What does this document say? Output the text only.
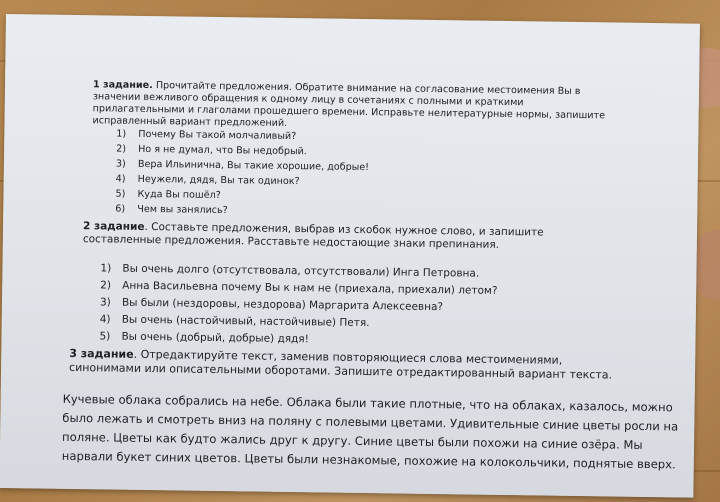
1 задание. Прочитайте предложения. Обратите внимание на согласование местоимения Вы в значении вежливого обращения к одному лицу в сочетаниях с полными и краткими прилагательными и глаголами прошедшего времени. Исправьте нелитературные нормы, запишите исправленный вариант предложений.
1) Почему Вы такой молчаливый?
2) Но я не думал, что Вы недобрый.
3) Вера Ильинична, Вы такие хорошие, добрые!
4) Неужели, дядя, Вы так одинок?
5) Куда Вы пошёл?
6) Чем вы занялись?
2 задание. Составьте предложения, выбрав из скобок нужное слово, и запишите составленные предложения. Расставьте недостающие знаки препинания.
1) Вы очень долго (отсутствовала, отсутствовали) Инга Петровна.
2) Анна Васильевна почему Вы к нам не (приехала, приехали) летом?
3) Вы были (нездоровы, нездорова) Маргарита Алексеевна?
4) Вы очень (настойчивый, настойчивые) Петя.
5) Вы очень (добрый, добрые) дядя!
3 задание. Отредактируйте текст, заменив повторяющиеся слова местоимениями, синонимами или описательными оборотами. Запишите отредактированный вариант текста.
Кучевые облака собрались на небе. Облака были такие плотные, что на облаках, казалось, можно было лежать и смотреть вниз на поляну с полевыми цветами. Удивительные синие цветы росли на поляне. Цветы как будто жались друг к другу. Синие цветы были похожи на синие озёра. Мы нарвали букет синих цветов. Цветы были незнакомые, похожие на колокольчики, поднятые вверх.
